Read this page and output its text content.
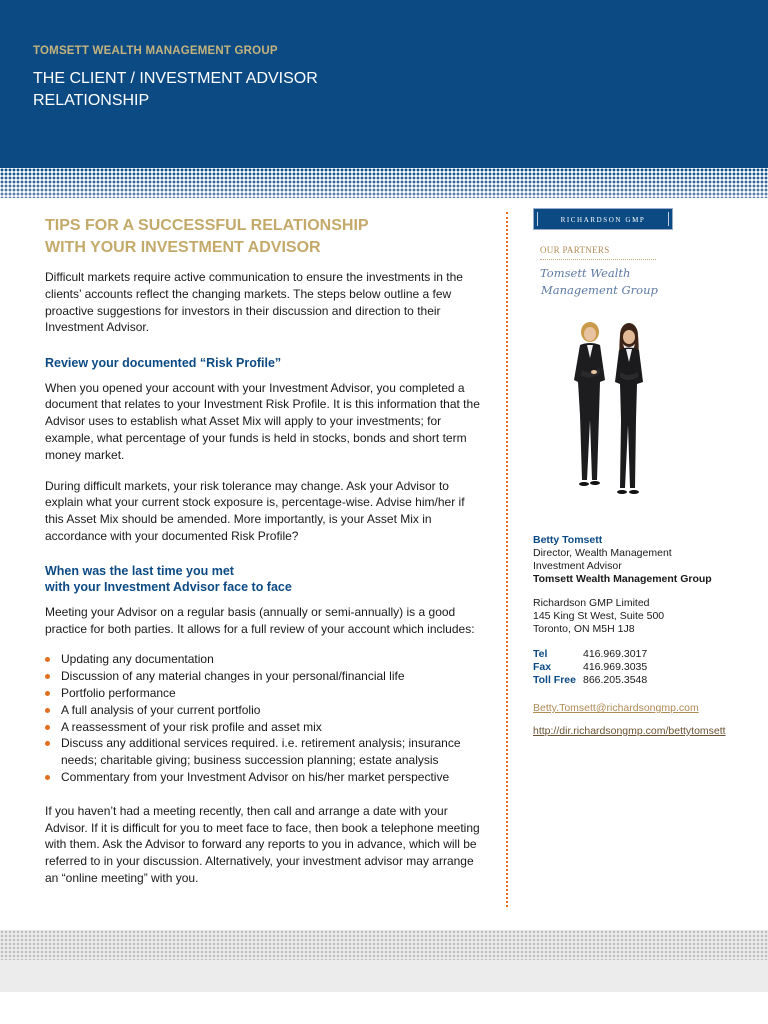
TOMSETT WEALTH MANAGEMENT GROUP
THE CLIENT / INVESTMENT ADVISOR
RELATIONSHIP
TIPS FOR A SUCCESSFUL RELATIONSHIP
WITH YOUR INVESTMENT ADVISOR

Difficult markets require active communication to ensure the investments in the clients’ accounts reflect the changing markets. The steps below outline a few proactive suggestions for investors in their discussion and direction to their Investment Advisor.

Review your documented “Risk Profile”

When you opened your account with your Investment Advisor, you completed a document that relates to your Investment Risk Profile. It is this information that the Advisor uses to establish what Asset Mix will apply to your investments; for example, what percentage of your funds is held in stocks, bonds and short term money market.

During difficult markets, your risk tolerance may change. Ask your Advisor to explain what your current stock exposure is, percentage-wise. Advise him/her if this Asset Mix should be amended. More importantly, is your Asset Mix in accordance with your documented Risk Profile?

When was the last time you met
with your Investment Advisor face to face

Meeting your Advisor on a regular basis (annually or semi-annually) is a good practice for both parties. It allows for a full review of your account which includes:

Updating any documentation
Discussion of any material changes in your personal/financial life
Portfolio performance
A full analysis of your current portfolio
A reassessment of your risk profile and asset mix
Discuss any additional services required. i.e. retirement analysis; insurance needs; charitable giving; business succession planning; estate analysis
Commentary from your Investment Advisor on his/her market perspective

If you haven’t had a meeting recently, then call and arrange a date with your Advisor. If it is difficult for you to meet face to face, then book a telephone meeting with them. Ask the Advisor to forward any reports to you in advance, which will be referred to in your discussion. Alternatively, your investment advisor may arrange an “online meeting” with you.

RICHARDSON GMP
OUR PARTNERS
Tomsett Wealth
Management Group
Betty Tomsett
Director, Wealth Management
Investment Advisor
Tomsett Wealth Management Group
Richardson GMP Limited
145 King St West, Suite 500
Toronto, ON M5H 1J8
Tel	416.969.3017
Fax	416.969.3035
Toll Free 866.205.3548
Betty.Tomsett@richardsongmp.com
http://dir.richardsongmp.com/bettytomsett
